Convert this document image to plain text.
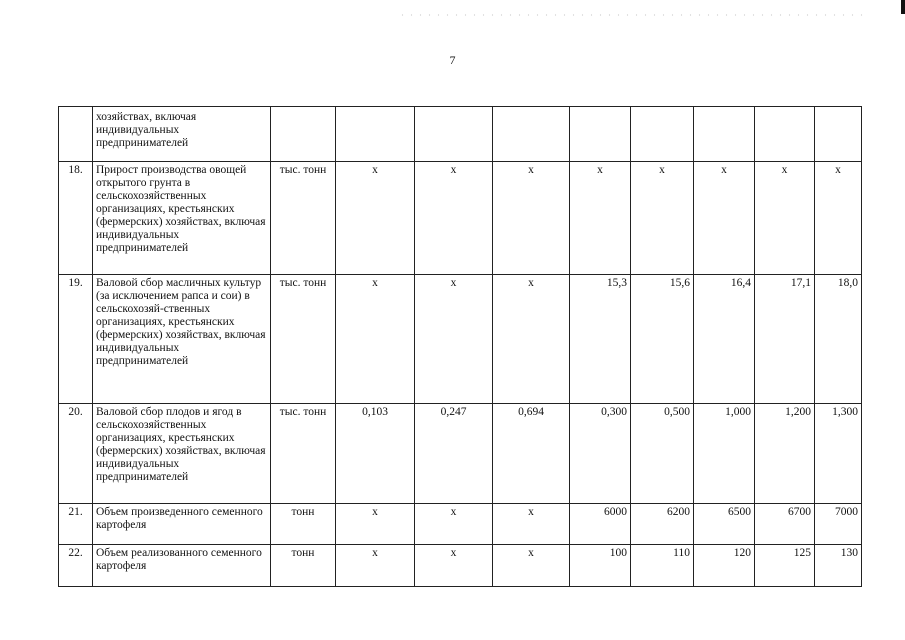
7
	хозяйствах, включая индивидуальных предпринимателей									
18.	Прирост производства овощей открытого грунта в сельскохозяйственных организациях, крестьянских (фермерских) хозяйствах, включая индивидуальных предпринимателей	тыс. тонн	х	х	х	х	х	х	х	х
19.	Валовой сбор масличных культур (за исключением рапса и сои) в сельскохозяй-ственных организациях, крестьянских (фермерских) хозяйствах, включая индивидуальных предпринимателей	тыс. тонн	х	х	х	15,3	15,6	16,4	17,1	18,0
20.	Валовой сбор плодов и ягод в сельскохозяйственных организациях, крестьянских (фермерских) хозяйствах, включая индивидуальных предпринимателей	тыс. тонн	0,103	0,247	0,694	0,300	0,500	1,000	1,200	1,300
21.	Объем произведенного семенного картофеля	тонн	х	х	х	6000	6200	6500	6700	7000
22.	Объем реализованного семенного картофеля	тонн	х	х	х	100	110	120	125	130
